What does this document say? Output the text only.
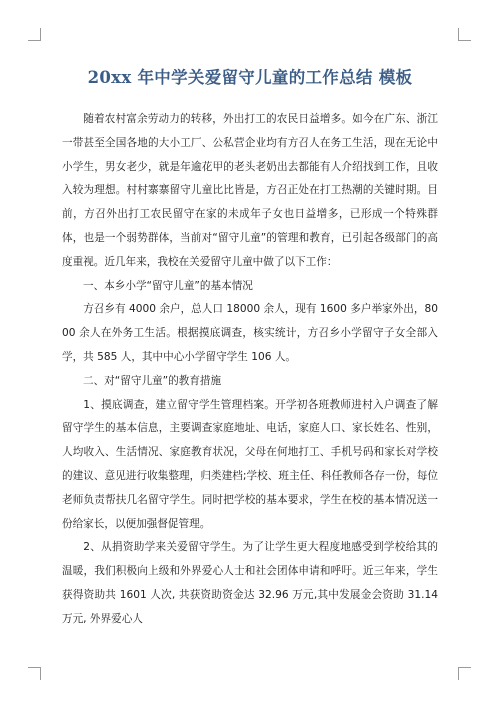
20xx 年中学关爱留守儿童的工作总结 模板

随着农村富余劳动力的转移，外出打工的农民日益增多。如今在广东、浙江一带甚至全国各地的大小工厂、公私营企业均有方召人在务工生活，现在无论中小学生，男女老少，就是年逾花甲的老头老奶出去都能有人介绍找到工作，且收入较为理想。村村寨寨留守儿童比比皆是，方召正处在打工热潮的关键时期。目前，方召外出打工农民留守在家的未成年子女也日益增多，已形成一个特殊群体，也是一个弱势群体，当前对“留守儿童”的管理和教育，已引起各级部门的高度重视。近几年来，我校在关爱留守儿童中做了以下工作：

一、本乡小学“留守儿童”的基本情况

方召乡有 4000 余户，总人口 18000 余人，现有 1600 多户举家外出，8000 余人在外务工生活。根据摸底调查，核实统计，方召乡小学留守子女全部入学，共 585 人，其中中心小学留守学生 106 人。

二、对“留守儿童”的教育措施

1、摸底调查，建立留守学生管理档案。开学初各班教师进村入户调查了解留守学生的基本信息，主要调查家庭地址、电话，家庭人口、家长姓名、性别，人均收入、生活情况、家庭教育状况，父母在何地打工、手机号码和家长对学校的建议、意见进行收集整理，归类建档;学校、班主任、科任教师各存一份，每位老师负责帮扶几名留守学生。同时把学校的基本要求，学生在校的基本情况送一份给家长，以便加强督促管理。

2、从捐资助学来关爱留守学生。为了让学生更大程度地感受到学校给其的温暖，我们积极向上级和外界爱心人士和社会团体申请和呼吁。近三年来，学生获得资助共 1601 人次, 共获资助资金达 32.96 万元,其中发展金会资助 31.14 万元, 外界爱心人
